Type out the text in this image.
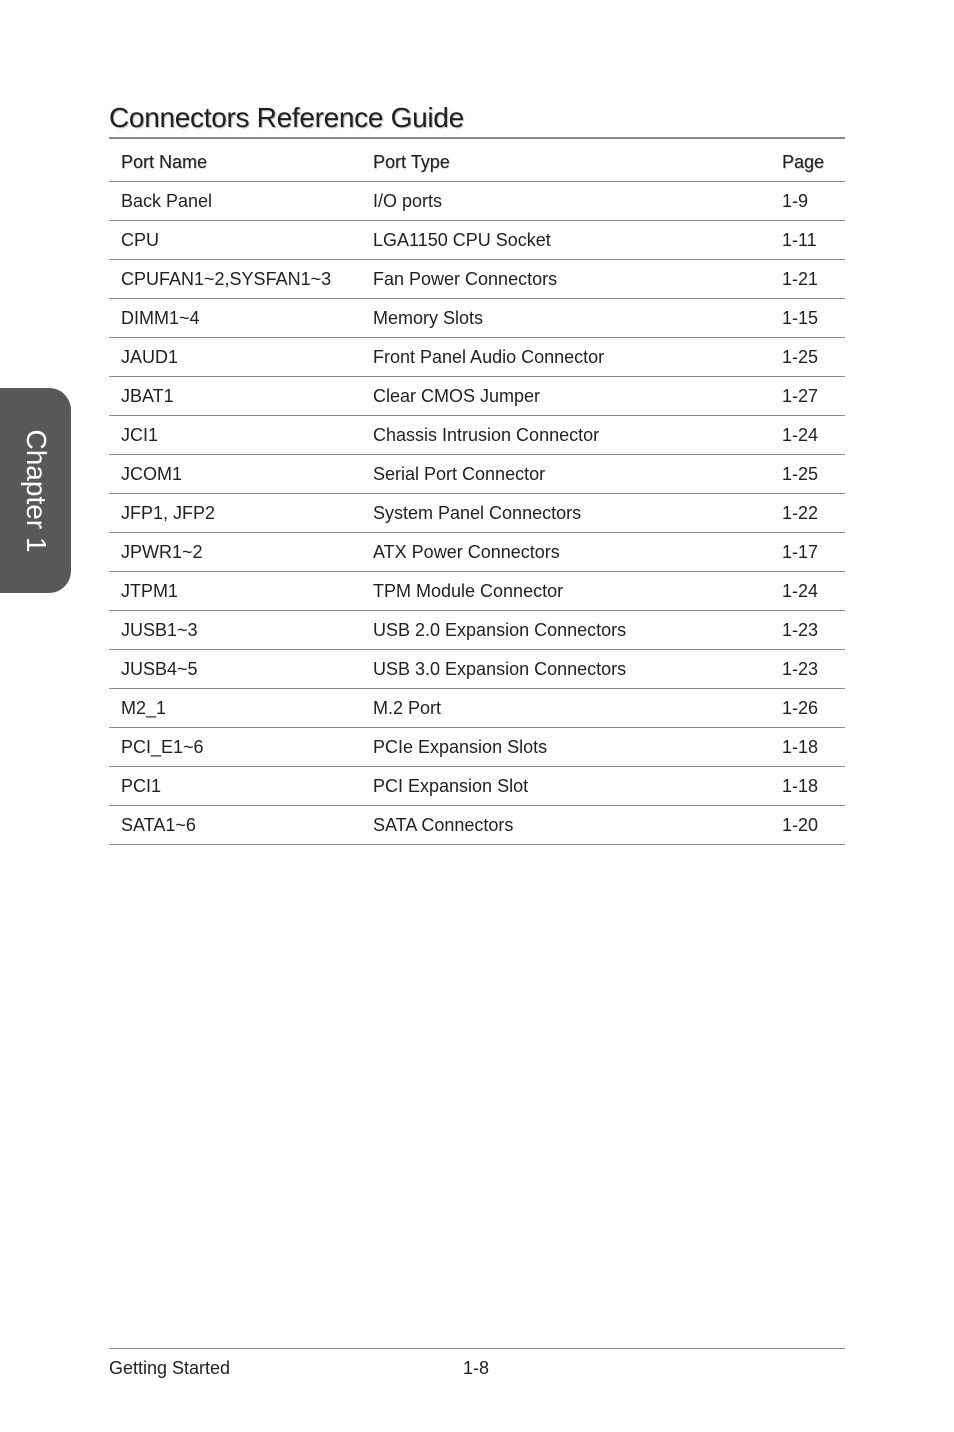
Connectors Reference Guide
Port Name	Port Type	Page
Back Panel	I/O ports	1-9
CPU	LGA1150 CPU Socket	1-11
CPUFAN1~2,SYSFAN1~3	Fan Power Connectors	1-21
DIMM1~4	Memory Slots	1-15
JAUD1	Front Panel Audio Connector	1-25
JBAT1	Clear CMOS Jumper	1-27
JCI1	Chassis Intrusion Connector	1-24
JCOM1	Serial Port Connector	1-25
JFP1, JFP2	System Panel Connectors	1-22
JPWR1~2	ATX Power Connectors	1-17
JTPM1	TPM Module Connector	1-24
JUSB1~3	USB 2.0 Expansion Connectors	1-23
JUSB4~5	USB 3.0 Expansion Connectors	1-23
M2_1	M.2 Port	1-26
PCI_E1~6	PCIe Expansion Slots	1-18
PCI1	PCI Expansion Slot	1-18
SATA1~6	SATA Connectors	1-20
Chapter 1
Getting Started	1-8
